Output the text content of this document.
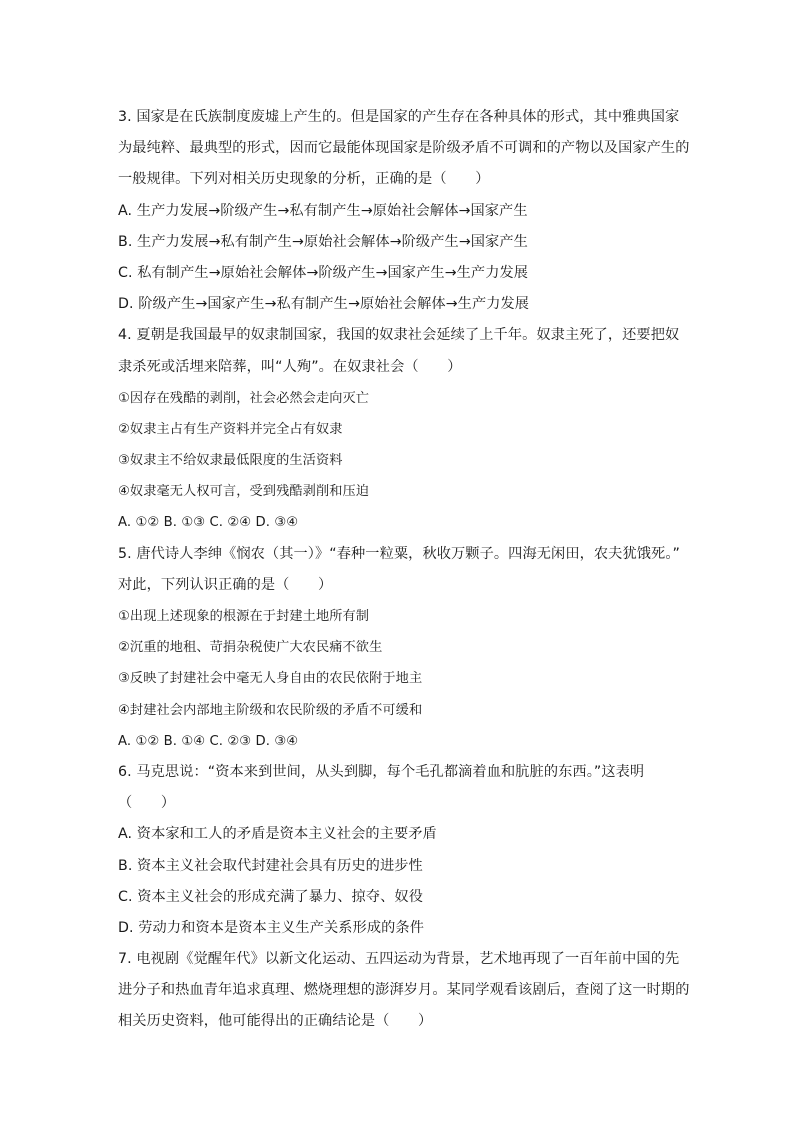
3. 国家是在氏族制度废墟上产生的。但是国家的产生存在各种具体的形式，其中雅典国家
为最纯粹、最典型的形式，因而它最能体现国家是阶级矛盾不可调和的产物以及国家产生的
一般规律。下列对相关历史现象的分析，正确的是（　　）
A. 生产力发展→阶级产生→私有制产生→原始社会解体→国家产生
B. 生产力发展→私有制产生→原始社会解体→阶级产生→国家产生
C. 私有制产生→原始社会解体→阶级产生→国家产生→生产力发展
D. 阶级产生→国家产生→私有制产生→原始社会解体→生产力发展
4. 夏朝是我国最早的奴隶制国家，我国的奴隶社会延续了上千年。奴隶主死了，还要把奴
隶杀死或活埋来陪葬，叫“人殉”。在奴隶社会（　　）
①因存在残酷的剥削，社会必然会走向灭亡
②奴隶主占有生产资料并完全占有奴隶
③奴隶主不给奴隶最低限度的生活资料
④奴隶毫无人权可言，受到残酷剥削和压迫
A. ①② B. ①③ C. ②④ D. ③④
5. 唐代诗人李绅《悯农（其一）》“春种一粒粟，秋收万颗子。四海无闲田，农夫犹饿死。”
对此，下列认识正确的是（　　）
①出现上述现象的根源在于封建土地所有制
②沉重的地租、苛捐杂税使广大农民痛不欲生
③反映了封建社会中毫无人身自由的农民依附于地主
④封建社会内部地主阶级和农民阶级的矛盾不可缓和
A. ①② B. ①④ C. ②③ D. ③④
6. 马克思说：“资本来到世间，从头到脚，每个毛孔都滴着血和肮脏的东西。”这表明
（　　）
A. 资本家和工人的矛盾是资本主义社会的主要矛盾
B. 资本主义社会取代封建社会具有历史的进步性
C. 资本主义社会的形成充满了暴力、掠夺、奴役
D. 劳动力和资本是资本主义生产关系形成的条件
7. 电视剧《觉醒年代》以新文化运动、五四运动为背景，艺术地再现了一百年前中国的先
进分子和热血青年追求真理、燃烧理想的澎湃岁月。某同学观看该剧后，查阅了这一时期的
相关历史资料，他可能得出的正确结论是（　　）
